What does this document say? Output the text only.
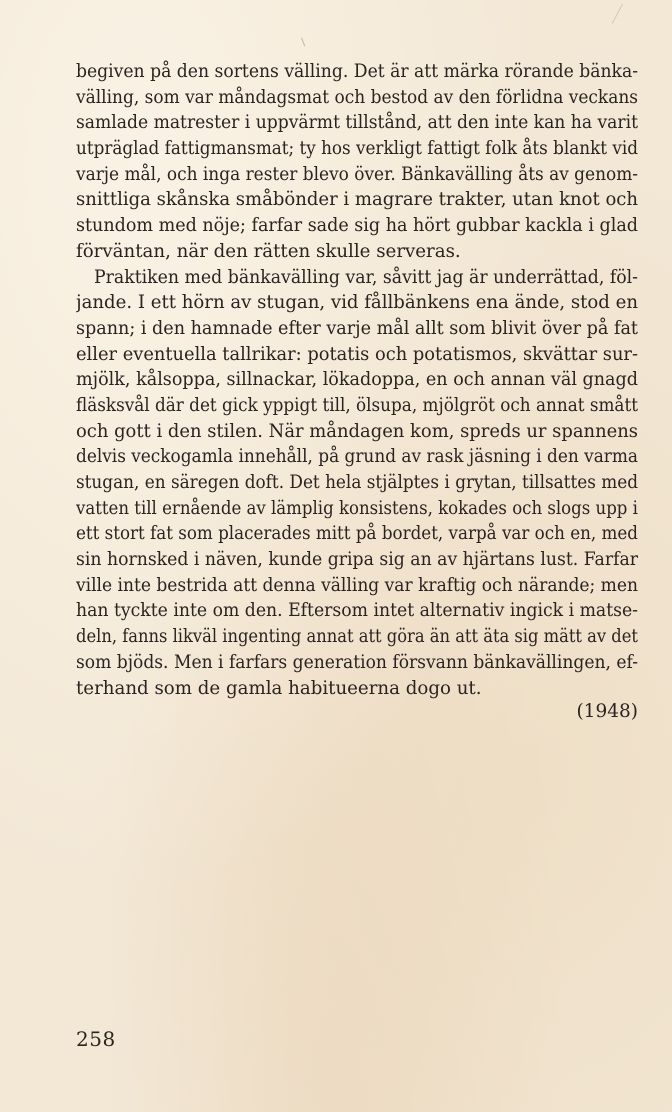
begiven på den sortens välling. Det är att märka rörande bänka-
välling, som var måndagsmat och bestod av den förlidna veckans
samlade matrester i uppvärmt tillstånd, att den inte kan ha varit
utpräglad fattigmansmat; ty hos verkligt fattigt folk åts blankt vid
varje mål, och inga rester blevo över. Bänkavälling åts av genom-
snittliga skånska småbönder i magrare trakter, utan knot och
stundom med nöje; farfar sade sig ha hört gubbar kackla i glad
förväntan, när den rätten skulle serveras.
Praktiken med bänkavälling var, såvitt jag är underrättad, föl-
jande. I ett hörn av stugan, vid fållbänkens ena ände, stod en
spann; i den hamnade efter varje mål allt som blivit över på fat
eller eventuella tallrikar: potatis och potatismos, skvättar sur-
mjölk, kålsoppa, sillnackar, lökadoppa, en och annan väl gnagd
fläsksvål där det gick yppigt till, ölsupa, mjölgröt och annat smått
och gott i den stilen. När måndagen kom, spreds ur spannens
delvis veckogamla innehåll, på grund av rask jäsning i den varma
stugan, en säregen doft. Det hela stjälptes i grytan, tillsattes med
vatten till ernående av lämplig konsistens, kokades och slogs upp i
ett stort fat som placerades mitt på bordet, varpå var och en, med
sin hornsked i näven, kunde gripa sig an av hjärtans lust. Farfar
ville inte bestrida att denna välling var kraftig och närande; men
han tyckte inte om den. Eftersom intet alternativ ingick i matse-
deln, fanns likväl ingenting annat att göra än att äta sig mätt av det
som bjöds. Men i farfars generation försvann bänkavällingen, ef-
terhand som de gamla habitueerna dogo ut.
(1948)
258
